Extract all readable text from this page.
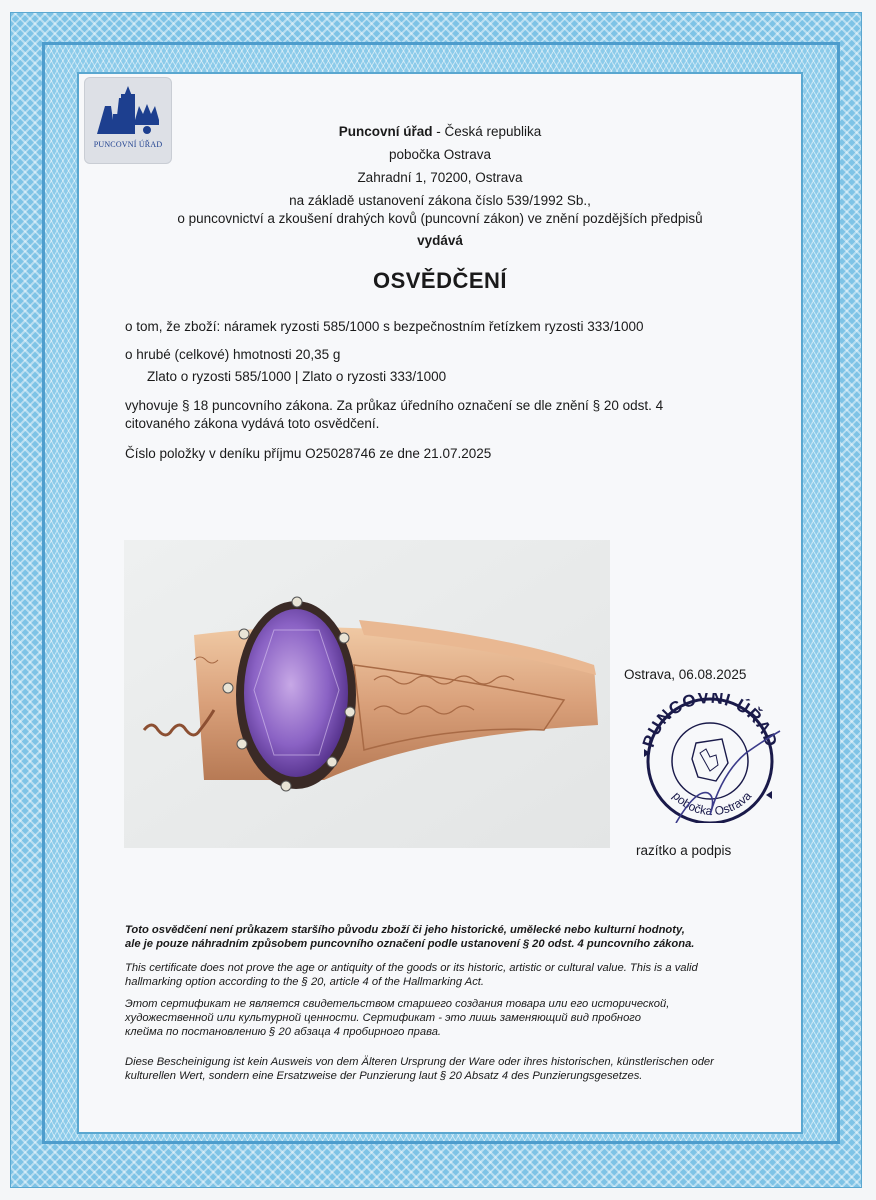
PUNCOVNÍ ÚŘAD
Puncovní úřad - Česká republika
pobočka Ostrava
Zahradní 1, 70200, Ostrava
na základě ustanovení zákona číslo 539/1992 Sb.,
o puncovnictví a zkoušení drahých kovů (puncovní zákon) ve znění pozdějších předpisů
vydává
OSVĚDČENÍ
o tom, že zboží: náramek ryzosti 585/1000 s bezpečnostním řetízkem ryzosti 333/1000
o hrubé (celkové) hmotnosti 20,35 g
Zlato o ryzosti 585/1000 | Zlato o ryzosti 333/1000
vyhovuje § 18 puncovního zákona. Za průkaz úředního označení se dle znění § 20 odst. 4
citovaného zákona vydává toto osvědčení.
Číslo položky v deníku příjmu O25028746 ze dne 21.07.2025
Ostrava, 06.08.2025
PUNCOVNÍ ÚŘAD
pobočka Ostrava
razítko a podpis
Toto osvědčení není průkazem staršího původu zboží či jeho historické, umělecké nebo kulturní hodnoty,
ale je pouze náhradním způsobem puncovního označení podle ustanovení § 20 odst. 4 puncovního zákona.
This certificate does not prove the age or antiquity of the goods or its historic, artistic or cultural value. This is a valid
hallmarking option according to the § 20, article 4 of the Hallmarking Act.
Этот сертификат не является свидетельством старшего создания товара или его исторической,
художественной или культурной ценности. Сертификат - это лишь заменяющий вид пробного
клейма по постановлению § 20 абзаца 4 пробирного права.
Diese Bescheinigung ist kein Ausweis von dem Älteren Ursprung der Ware oder ihres historischen, künstlerischen oder
kulturellen Wert, sondern eine Ersatzweise der Punzierung laut § 20 Absatz 4 des Punzierungsgesetzes.
